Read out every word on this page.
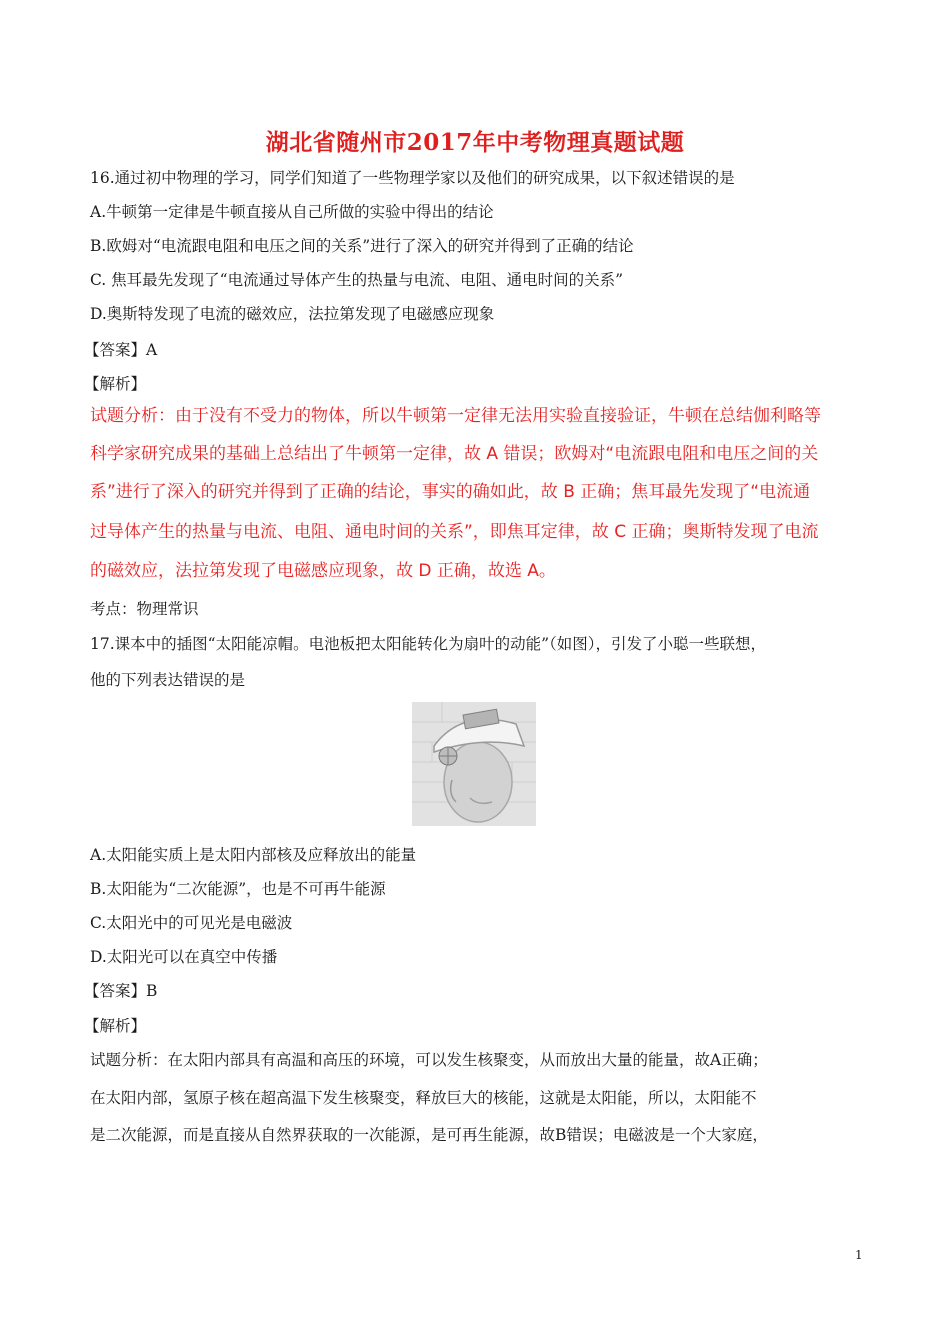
湖北省随州市2017年中考物理真题试题
16.通过初中物理的学习，同学们知道了一些物理学家以及他们的研究成果，以下叙述错误的是
A.牛顿第一定律是牛顿直接从自己所做的实验中得出的结论
B.欧姆对“电流跟电阻和电压之间的关系”进行了深入的研究并得到了正确的结论
C. 焦耳最先发现了“电流通过导体产生的热量与电流、电阻、通电时间的关系”
D.奥斯特发现了电流的磁效应，法拉第发现了电磁感应现象
【答案】A
【解析】
试题分析：由于没有不受力的物体，所以牛顿第一定律无法用实验直接验证，牛顿在总结伽利略等
科学家研究成果的基础上总结出了牛顿第一定律，故 A 错误；欧姆对“电流跟电阻和电压之间的关
系”进行了深入的研究并得到了正确的结论，事实的确如此，故 B 正确；焦耳最先发现了“电流通
过导体产生的热量与电流、电阻、通电时间的关系”，即焦耳定律，故 C 正确；奥斯特发现了电流
的磁效应，法拉第发现了电磁感应现象，故 D 正确，故选 A。
考点：物理常识
17.课本中的插图“太阳能凉帽。电池板把太阳能转化为扇叶的动能”（如图），引发了小聪一些联想，
他的下列表达错误的是
A.太阳能实质上是太阳内部核及应释放出的能量
B.太阳能为“二次能源”，也是不可再牛能源
C.太阳光中的可见光是电磁波
D.太阳光可以在真空中传播
【答案】B
【解析】
试题分析：在太阳内部具有高温和高压的环境，可以发生核聚变，从而放出大量的能量，故A正确；
在太阳内部，氢原子核在超高温下发生核聚变，释放巨大的核能，这就是太阳能，所以，太阳能不
是二次能源，而是直接从自然界获取的一次能源，是可再生能源，故B错误；电磁波是一个大家庭，
1
